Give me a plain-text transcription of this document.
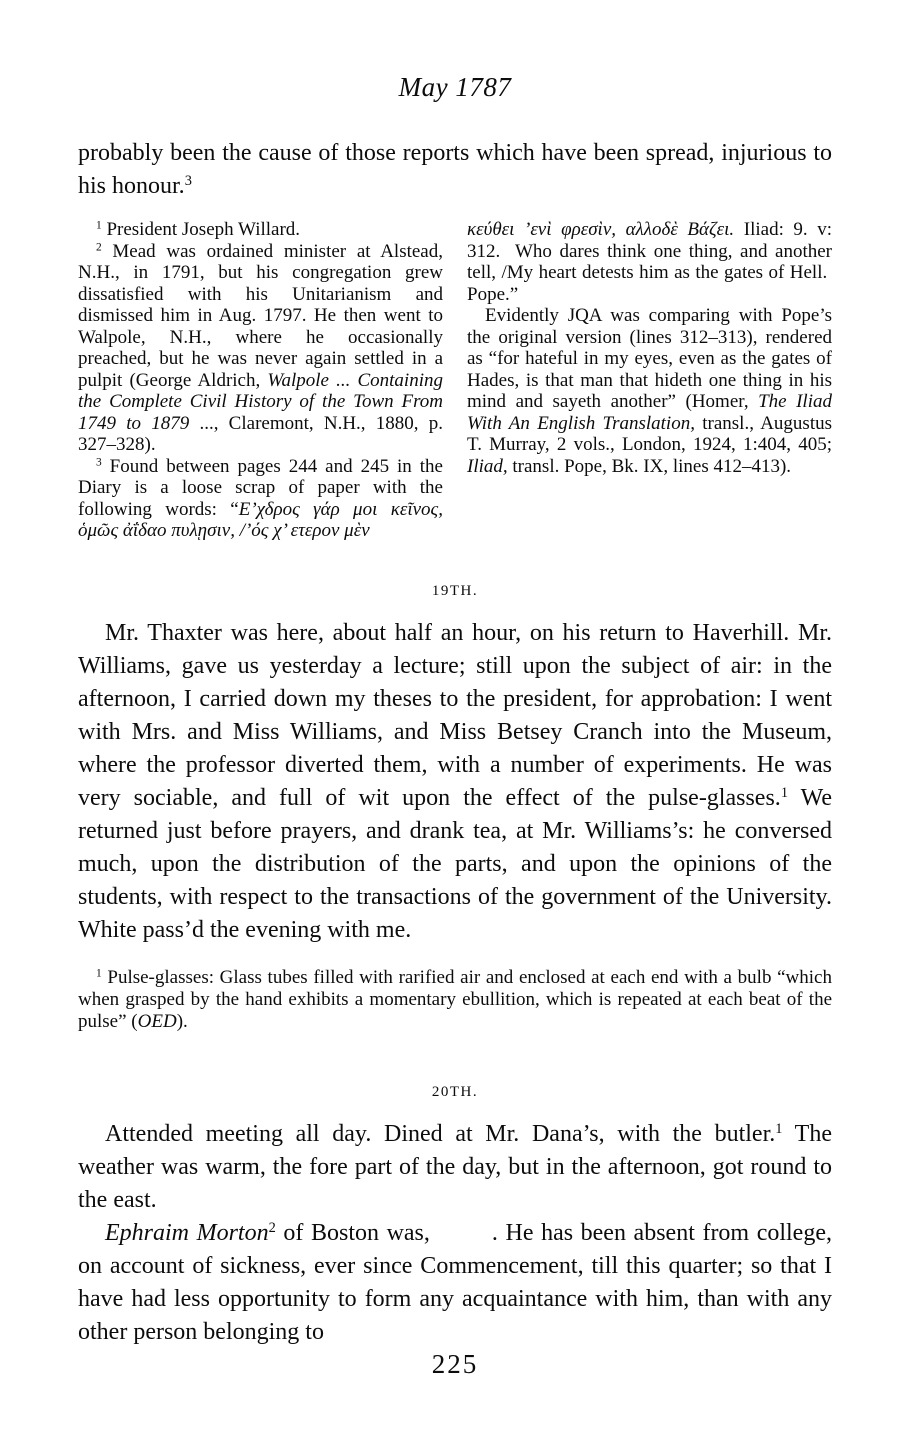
May 1787

probably been the cause of those reports which have been spread, injurious to his honour.$^3$

$^1$ President Joseph Willard.

$^2$ Mead was ordained minister at Alstead, N.H., in 1791, but his congregation grew dissatisfied with his Unitarianism and dismissed him in Aug. 1797. He then went to Walpole, N.H., where he occasionally preached, but he was never again settled in a pulpit (George Aldrich, Walpole ... Containing the Complete Civil History of the Town From 1749 to 1879 ..., Claremont, N.H., 1880, p. 327–328).

$^3$ Found between pages 244 and 245 in the Diary is a loose scrap of paper with the following words: “Ε’χδρος γάρ μοι κεῖνος, ὁμῶς ἀΐδαο πυλῃσιν, /’ός χ’ ετερον μὲν

κεύθει ’ενὶ φρεσὶν, αλλοδὲ Βάζει. Iliad: 9. v: 312.  Who dares think one thing, and another tell, /My heart detests him as the gates of Hell.  Pope.”

Evidently JQA was comparing with Pope’s the original version (lines 312–313), rendered as “for hateful in my eyes, even as the gates of Hades, is that man that hideth one thing in his mind and sayeth another” (Homer, The Iliad With An English Translation, transl., Augustus T. Murray, 2 vols., London, 1924, 1:404, 405; Iliad, transl. Pope, Bk. IX, lines 412–413).

19TH.

Mr. Thaxter was here, about half an hour, on his return to Haverhill. Mr. Williams, gave us yesterday a lecture; still upon the subject of air: in the afternoon, I carried down my theses to the president, for approbation: I went with Mrs. and Miss Williams, and Miss Betsey Cranch into the Museum, where the professor diverted them, with a number of experiments. He was very sociable, and full of wit upon the effect of the pulse-glasses.$^1$ We returned just before prayers, and drank tea, at Mr. Williams’s: he conversed much, upon the distribution of the parts, and upon the opinions of the students, with respect to the transactions of the government of the University. White pass’d the evening with me.

$^1$ Pulse-glasses: Glass tubes filled with rarified air and enclosed at each end with a bulb “which when grasped by the hand exhibits a momentary ebullition, which is repeated at each beat of the pulse” (OED).

20TH.

Attended meeting all day. Dined at Mr. Dana’s, with the butler.$^1$ The weather was warm, the fore part of the day, but in the afternoon, got round to the east.

Ephraim Morton$^2$ of Boston was,	. He has been absent from college, on account of sickness, ever since Commencement, till this quarter; so that I have had less opportunity to form any acquaintance with him, than with any other person belonging to

225
